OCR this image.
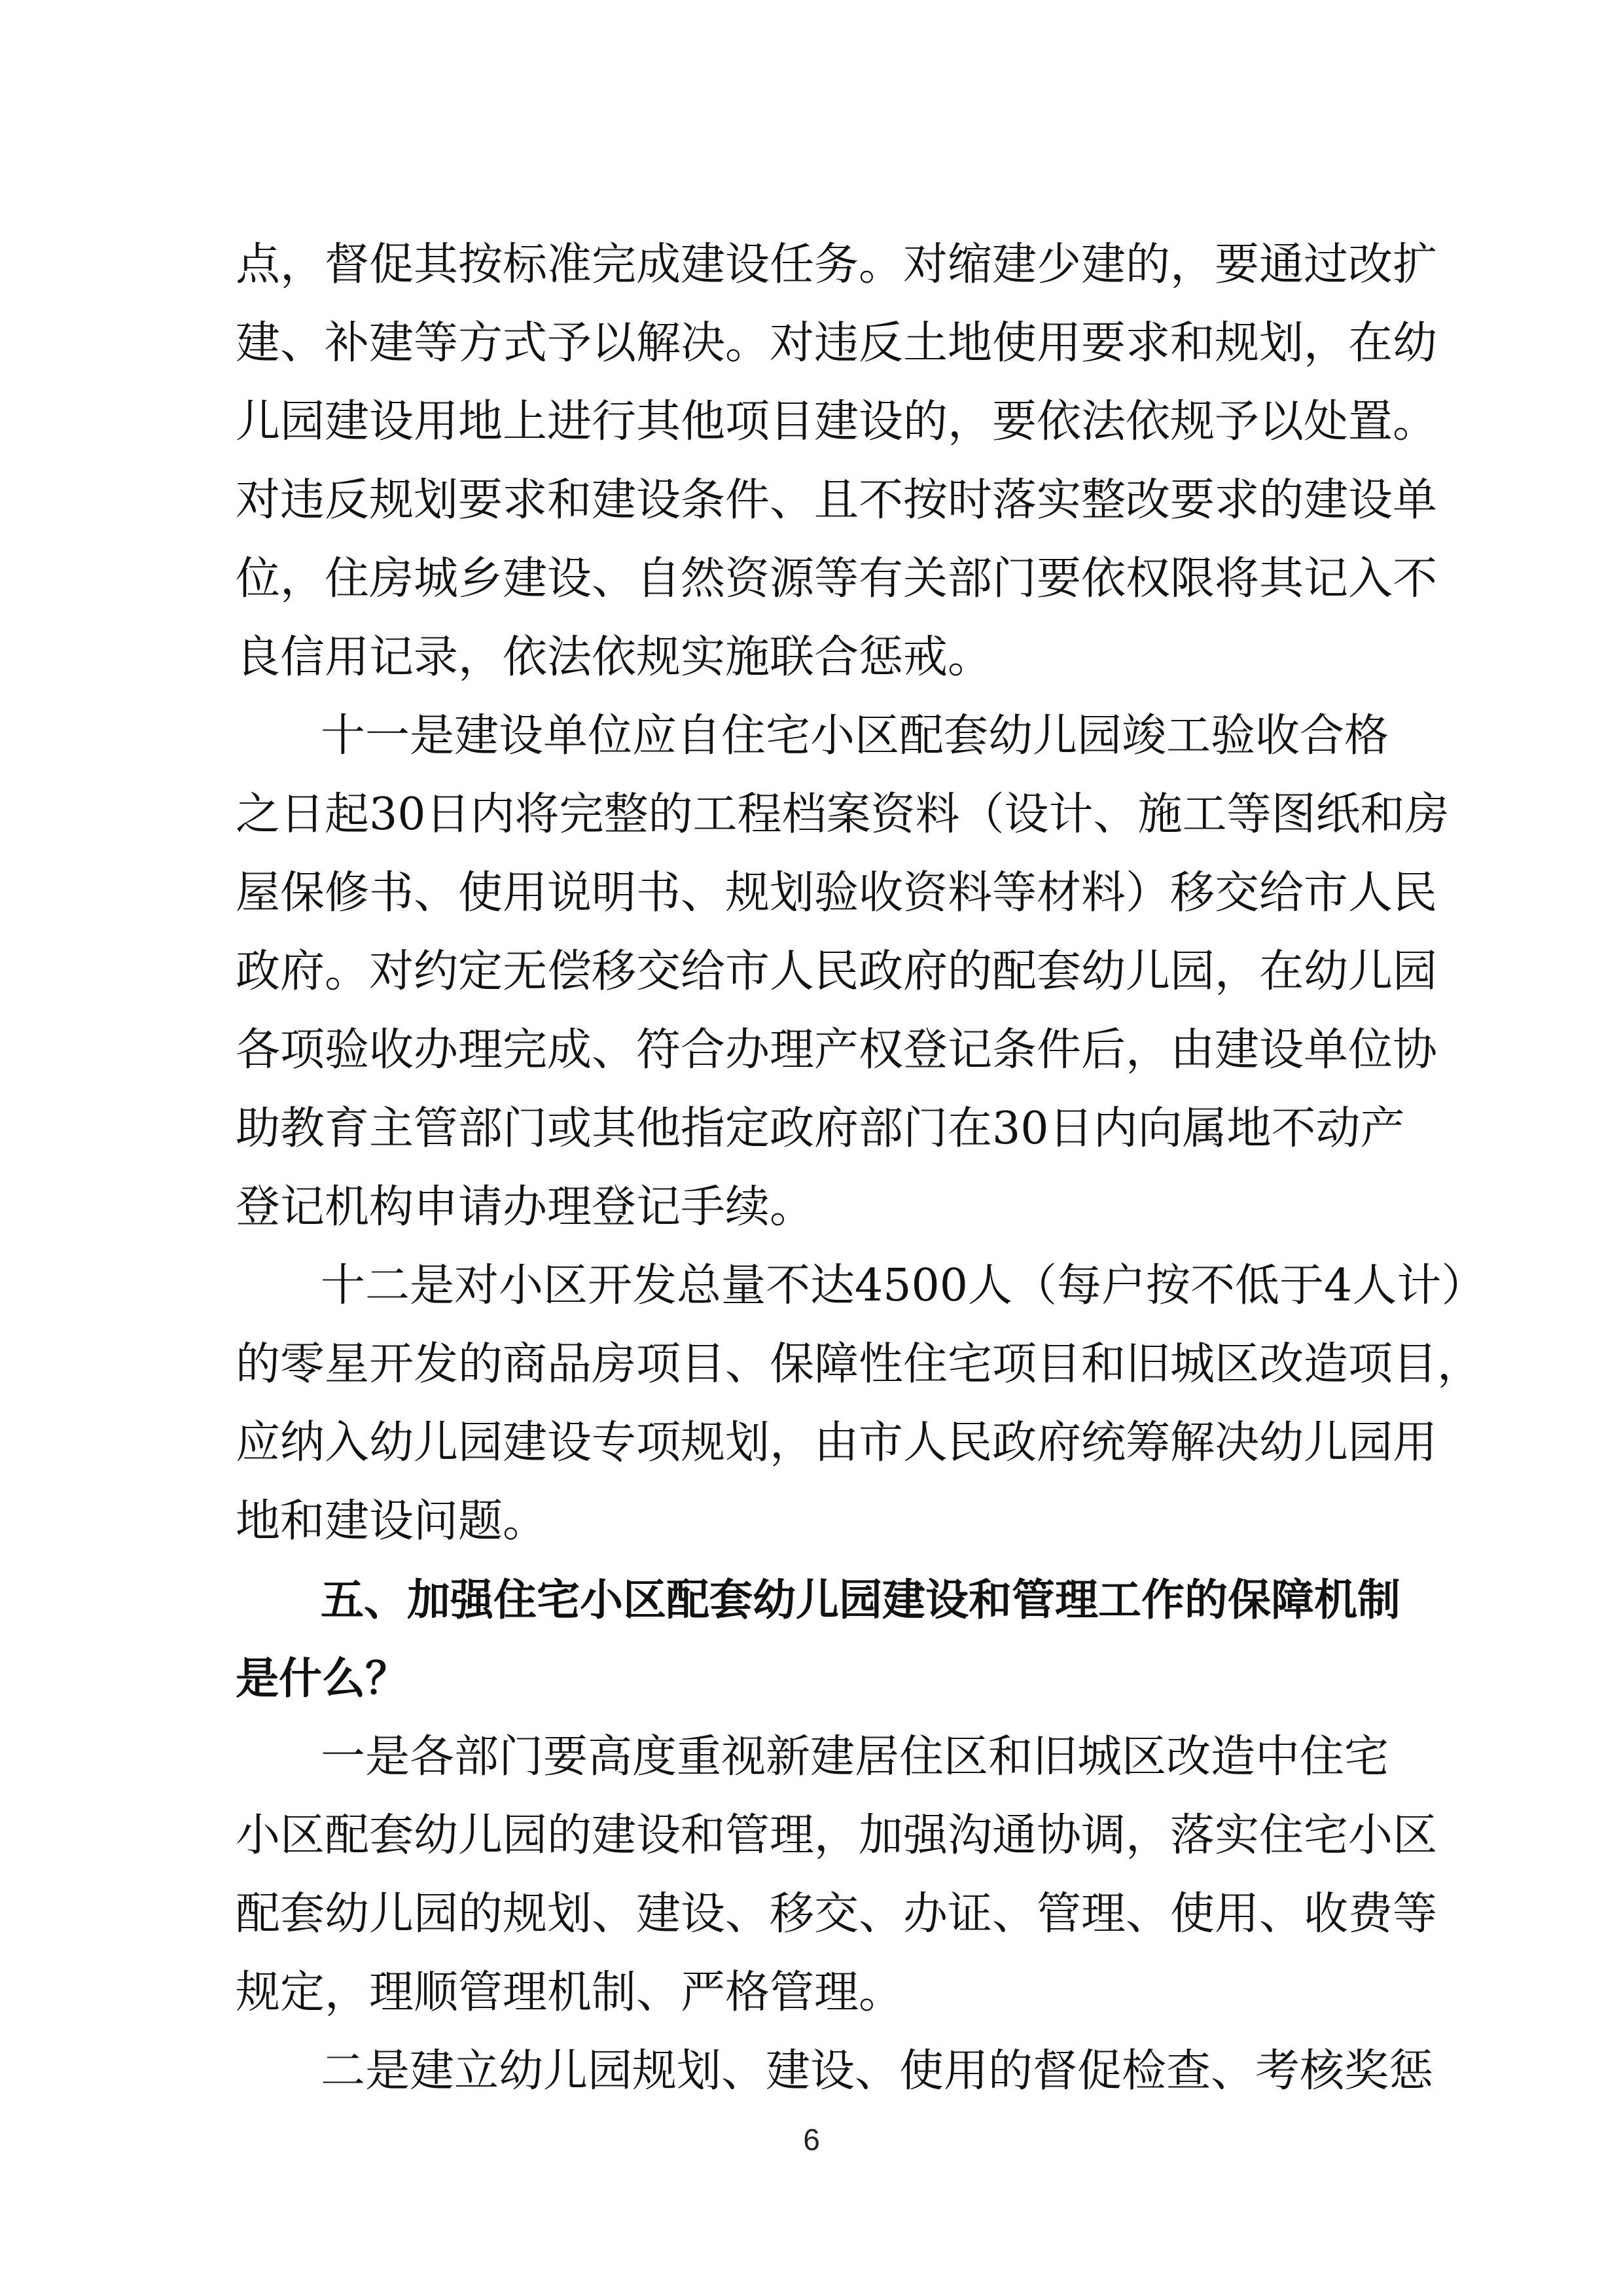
点，督促其按标准完成建设任务。对缩建少建的，要通过改扩
建、补建等方式予以解决。对违反土地使用要求和规划，在幼
儿园建设用地上进行其他项目建设的，要依法依规予以处置。
对违反规划要求和建设条件、且不按时落实整改要求的建设单
位，住房城乡建设、自然资源等有关部门要依权限将其记入不
良信用记录，依法依规实施联合惩戒。
十一是建设单位应自住宅小区配套幼儿园竣工验收合格
之日起30日内将完整的工程档案资料（设计、施工等图纸和房
屋保修书、使用说明书、规划验收资料等材料）移交给市人民
政府。对约定无偿移交给市人民政府的配套幼儿园，在幼儿园
各项验收办理完成、符合办理产权登记条件后，由建设单位协
助教育主管部门或其他指定政府部门在30日内向属地不动产
登记机构申请办理登记手续。
十二是对小区开发总量不达4500人（每户按不低于4人计）
的零星开发的商品房项目、保障性住宅项目和旧城区改造项目，
应纳入幼儿园建设专项规划，由市人民政府统筹解决幼儿园用
地和建设问题。
五、加强住宅小区配套幼儿园建设和管理工作的保障机制
是什么？
一是各部门要高度重视新建居住区和旧城区改造中住宅
小区配套幼儿园的建设和管理，加强沟通协调，落实住宅小区
配套幼儿园的规划、建设、移交、办证、管理、使用、收费等
规定，理顺管理机制、严格管理。
二是建立幼儿园规划、建设、使用的督促检查、考核奖惩
6
